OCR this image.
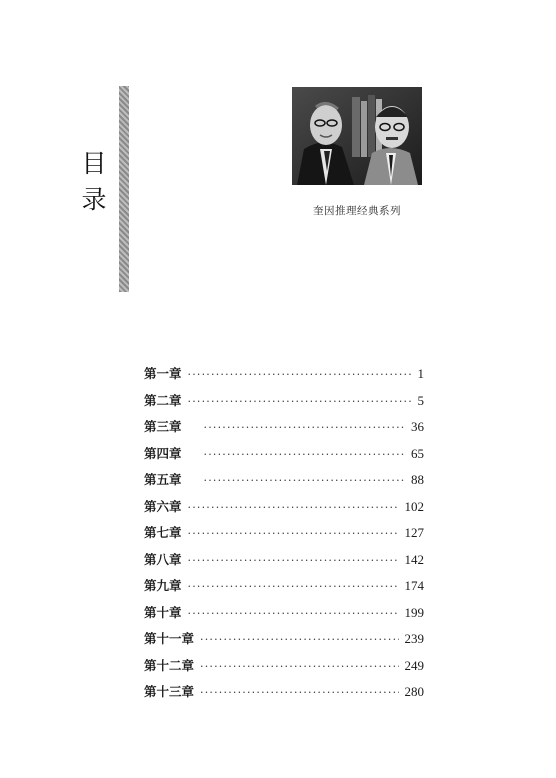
目
录	奎因推理经典系列
第一章 ·····	1
第二章 ·····	5
第三章 ·····	36
第四章 ·····	65
第五章 ·····	88
第六章 ·····	102
第七章 ·····	127
第八章 ·····	142
第九章 ·····	174
第十章 ·····	199
第十一章 ·····	239
第十二章 ·····	249
第十三章 ·····	280
